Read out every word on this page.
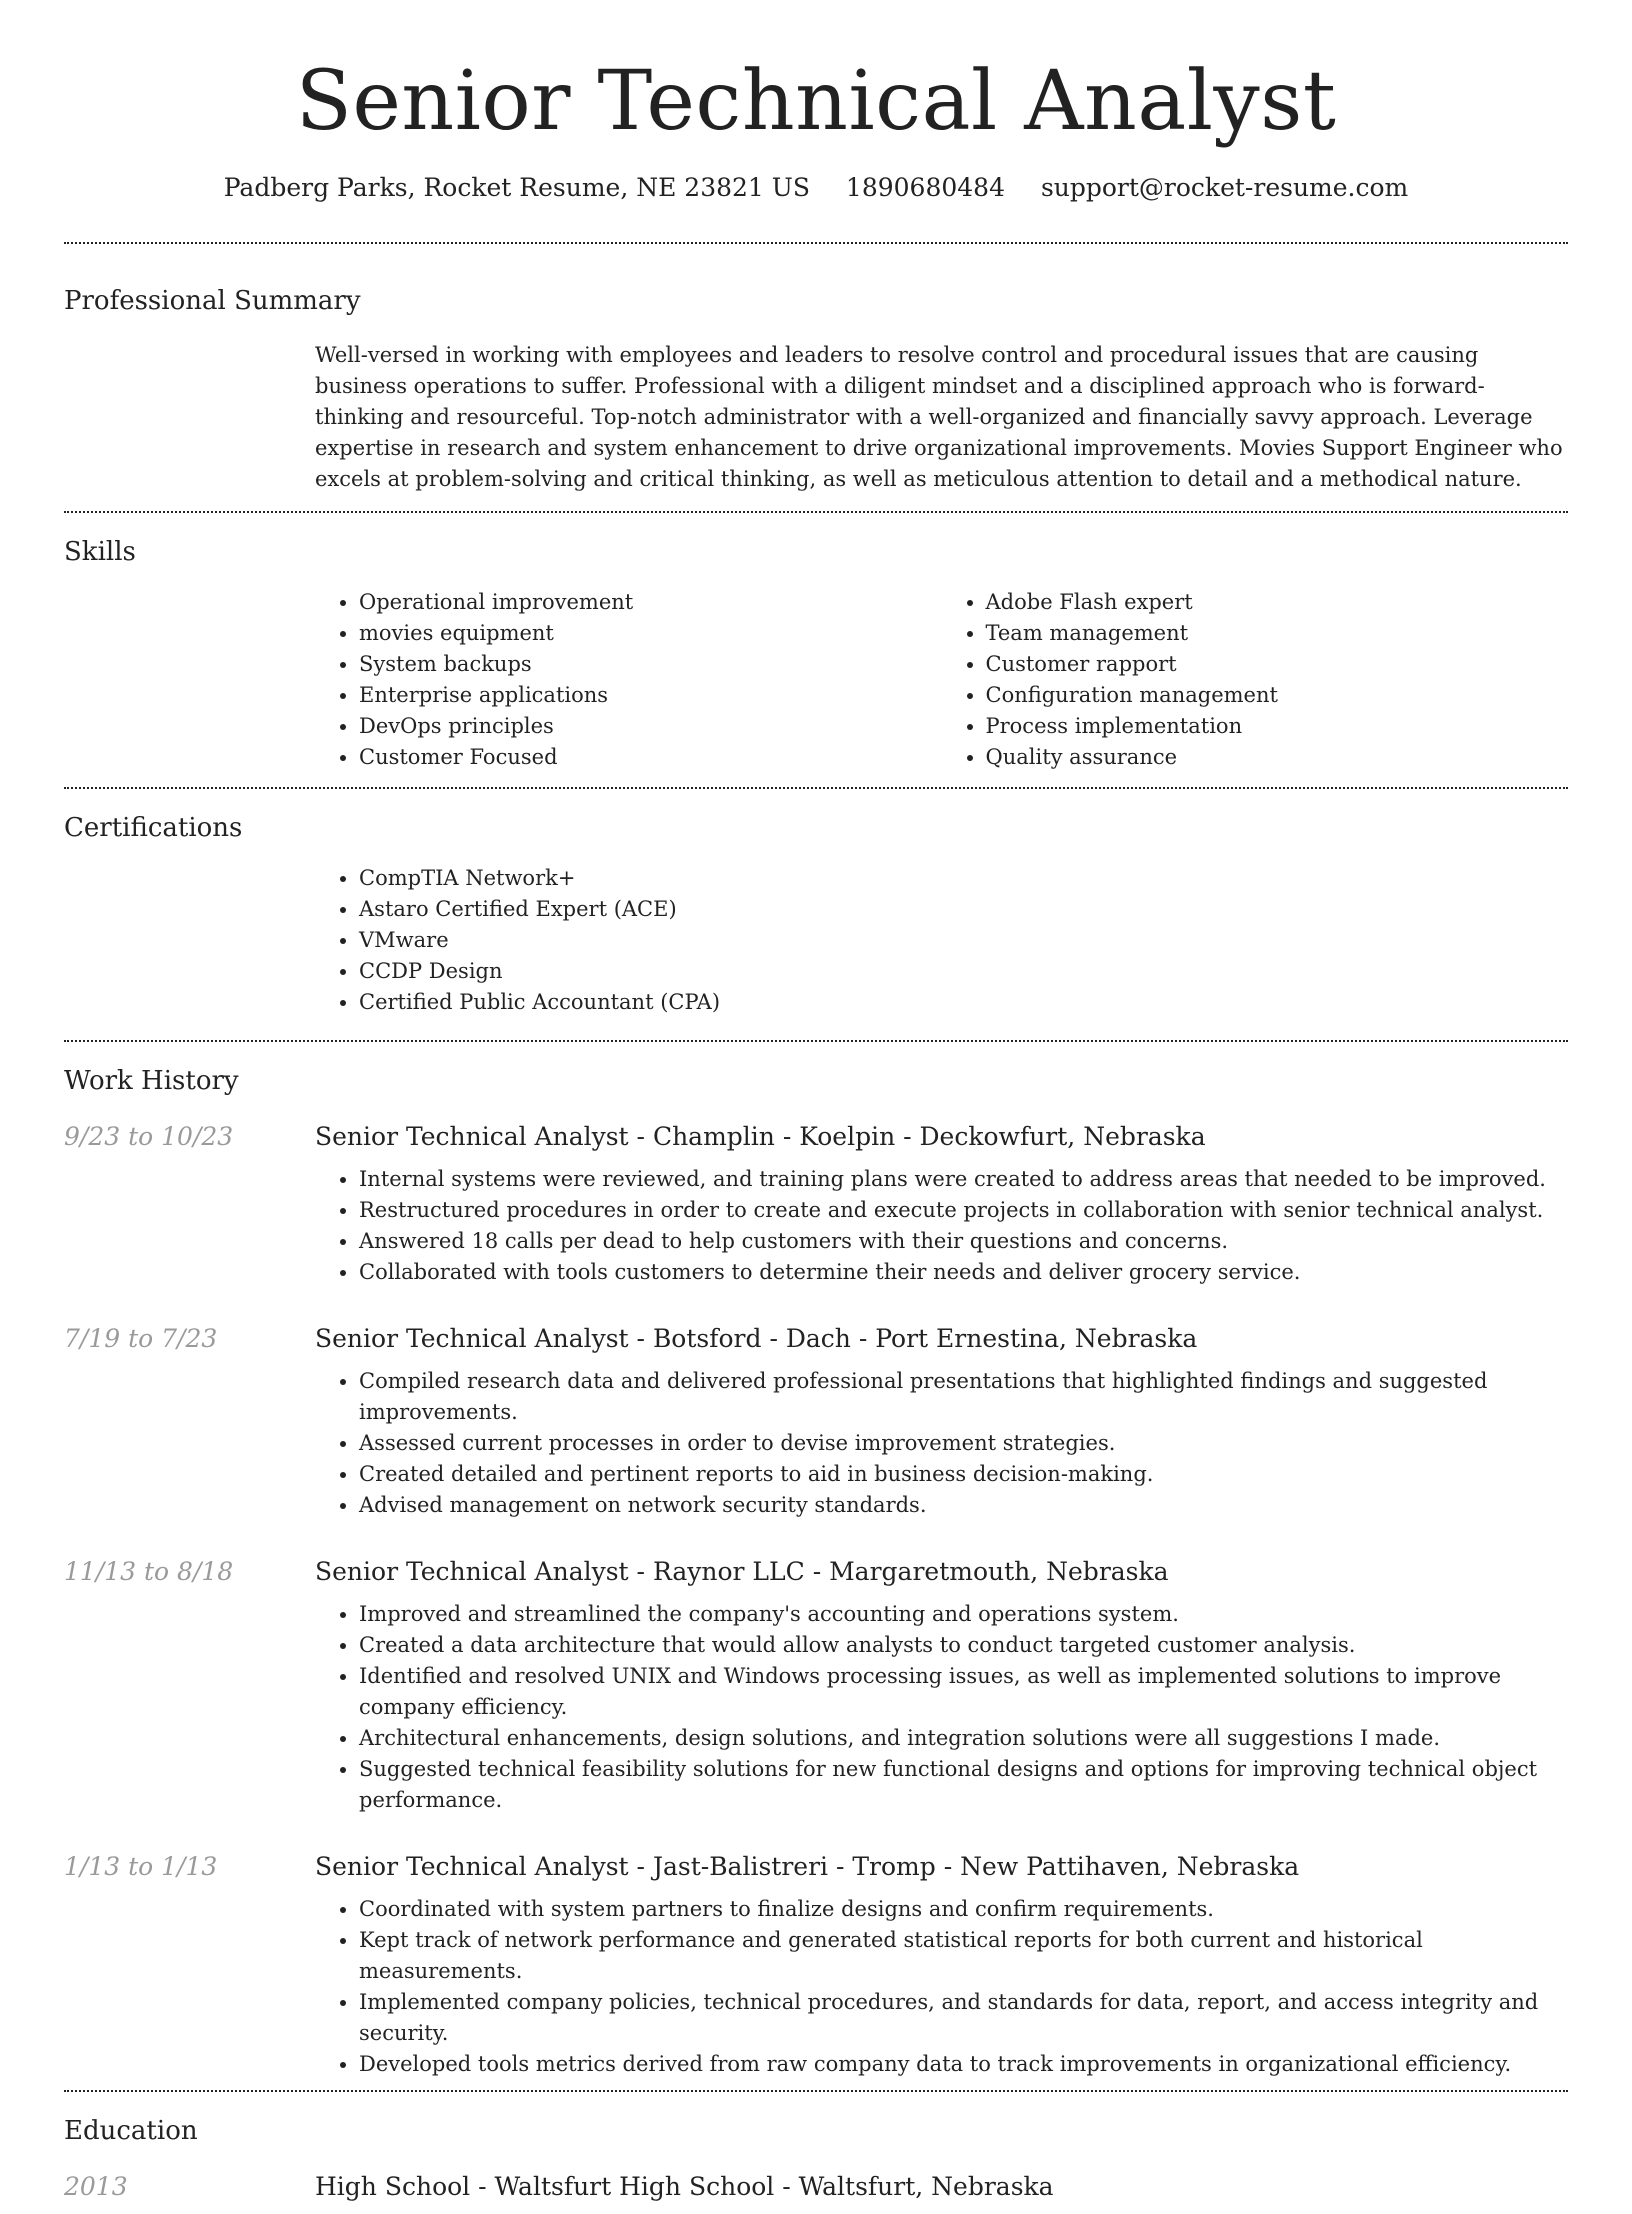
Senior Technical Analyst
Padberg Parks, Rocket Resume, NE 23821 US 1890680484 support@rocket-resume.com
Professional Summary
Well-versed in working with employees and leaders to resolve control and procedural issues that are causing business operations to suffer. Professional with a diligent mindset and a disciplined approach who is forward-thinking and resourceful. Top-notch administrator with a well-organized and financially savvy approach. Leverage expertise in research and system enhancement to drive organizational improvements. Movies Support Engineer who excels at problem-solving and critical thinking, as well as meticulous attention to detail and a methodical nature.
Skills
• Operational improvement
• movies equipment
• System backups
• Enterprise applications
• DevOps principles
• Customer Focused
• Adobe Flash expert
• Team management
• Customer rapport
• Configuration management
• Process implementation
• Quality assurance
Certifications
• CompTIA Network+
• Astaro Certified Expert (ACE)
• VMware
• CCDP Design
• Certified Public Accountant (CPA)
Work History
9/23 to 10/23	Senior Technical Analyst - Champlin - Koelpin - Deckowfurt, Nebraska
• Internal systems were reviewed, and training plans were created to address areas that needed to be improved.
• Restructured procedures in order to create and execute projects in collaboration with senior technical analyst.
• Answered 18 calls per dead to help customers with their questions and concerns.
• Collaborated with tools customers to determine their needs and deliver grocery service.
7/19 to 7/23	Senior Technical Analyst - Botsford - Dach - Port Ernestina, Nebraska
• Compiled research data and delivered professional presentations that highlighted findings and suggested improvements.
• Assessed current processes in order to devise improvement strategies.
• Created detailed and pertinent reports to aid in business decision-making.
• Advised management on network security standards.
11/13 to 8/18	Senior Technical Analyst - Raynor LLC - Margaretmouth, Nebraska
• Improved and streamlined the company's accounting and operations system.
• Created a data architecture that would allow analysts to conduct targeted customer analysis.
• Identified and resolved UNIX and Windows processing issues, as well as implemented solutions to improve company efficiency.
• Architectural enhancements, design solutions, and integration solutions were all suggestions I made.
• Suggested technical feasibility solutions for new functional designs and options for improving technical object performance.
1/13 to 1/13	Senior Technical Analyst - Jast-Balistreri - Tromp - New Pattihaven, Nebraska
• Coordinated with system partners to finalize designs and confirm requirements.
• Kept track of network performance and generated statistical reports for both current and historical measurements.
• Implemented company policies, technical procedures, and standards for data, report, and access integrity and security.
• Developed tools metrics derived from raw company data to track improvements in organizational efficiency.
Education
2013	High School - Waltsfurt High School - Waltsfurt, Nebraska
